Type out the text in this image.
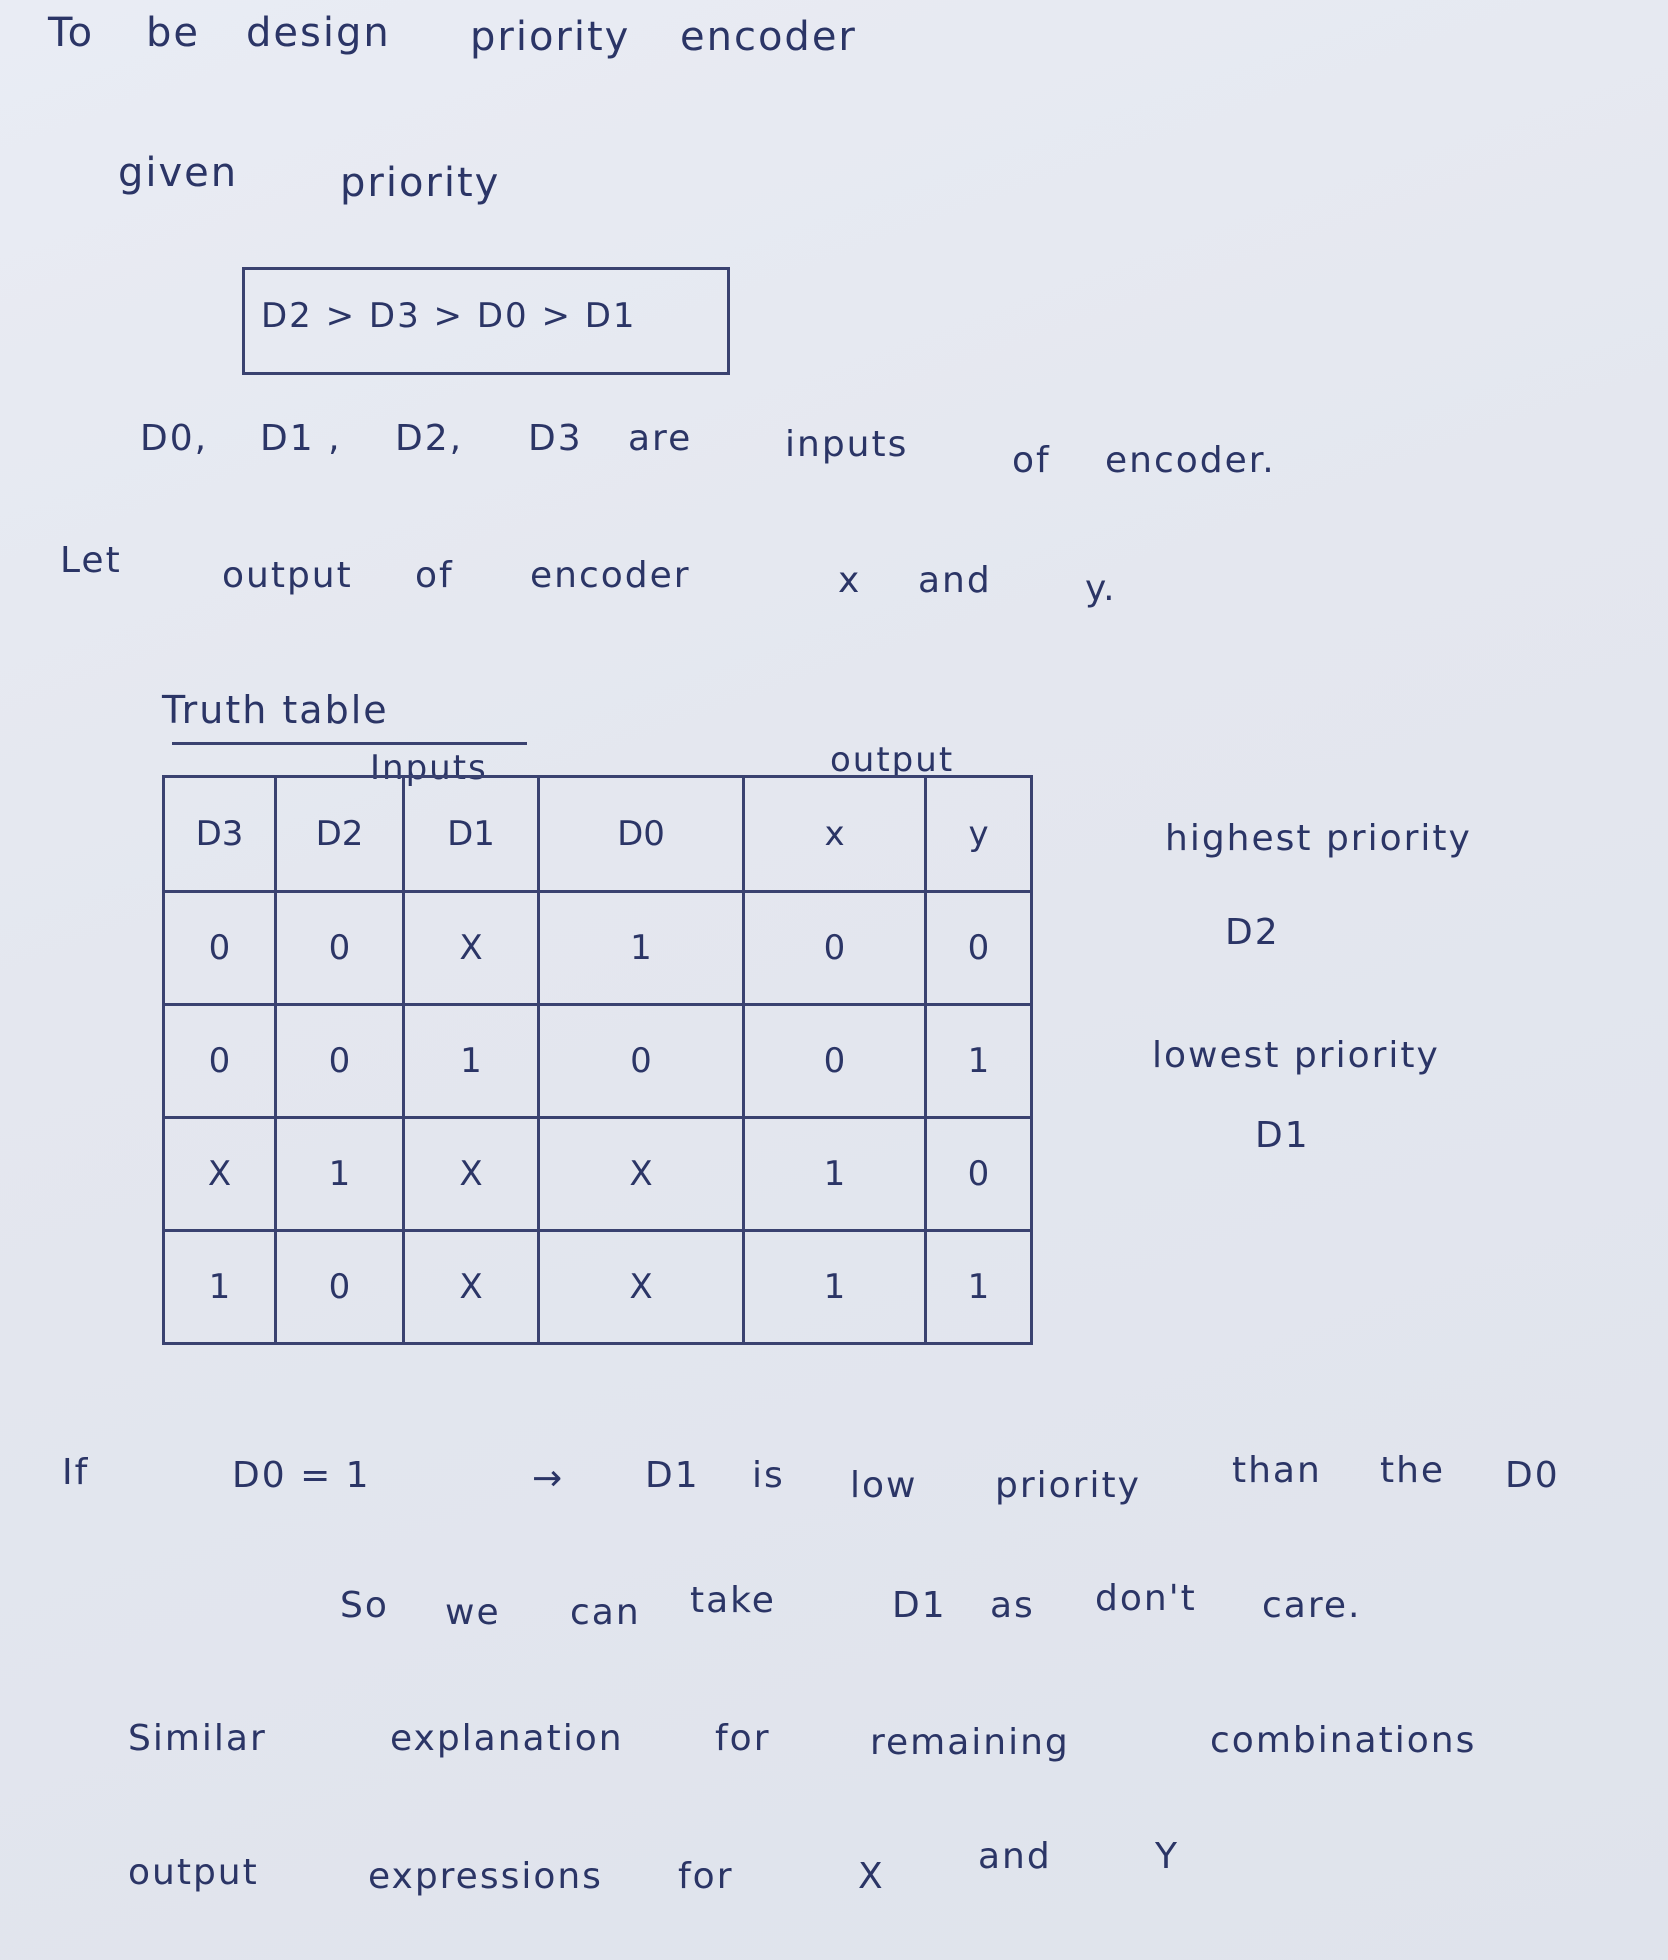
To be design priority encoder
given	priority
D2 > D3 > D0 > D1
D0, D1 , D2, D3 are	inputs	of encoder.
Let	output of encoder	x and	y.
Truth table
Inputs	output
D3	D2	D1	D0	x	y
0	0	X	1	0	0
0	0	1	0	0	1
X	1	X	X	1	0
1	0	X	X	1	1
highest priority
D2
lowest priority
D1
If	D0 = 1	→ D1 is low priority	than the D0
So we can take	D1 as don't care.
Similar	explanation	for	remaining	combinations
output	expressions for	X	and	Y
